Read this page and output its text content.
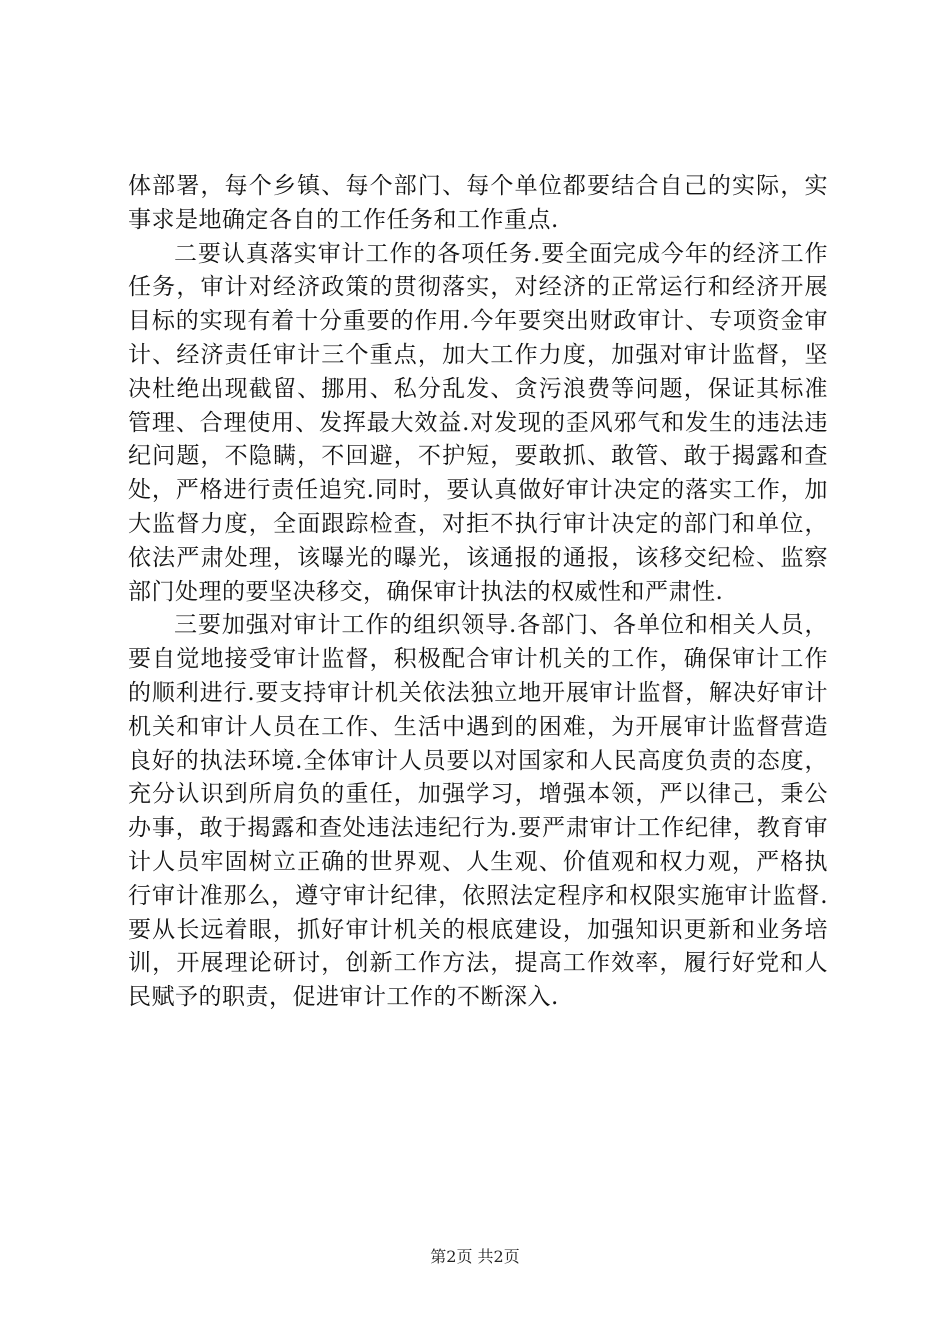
体部署，每个乡镇、每个部门、每个单位都要结合自己的实际，实事求是地确定各自的工作任务和工作重点.

二要认真落实审计工作的各项任务.要全面完成今年的经济工作任务，审计对经济政策的贯彻落实，对经济的正常运行和经济开展目标的实现有着十分重要的作用.今年要突出财政审计、专项资金审计、经济责任审计三个重点，加大工作力度，加强对审计监督，坚决杜绝出现截留、挪用、私分乱发、贪污浪费等问题，保证其标准管理、合理使用、发挥最大效益.对发现的歪风邪气和发生的违法违纪问题，不隐瞒，不回避，不护短，要敢抓、敢管、敢于揭露和查处，严格进行责任追究.同时，要认真做好审计决定的落实工作，加大监督力度，全面跟踪检查，对拒不执行审计决定的部门和单位，依法严肃处理，该曝光的曝光，该通报的通报，该移交纪检、监察部门处理的要坚决移交，确保审计执法的权威性和严肃性.

三要加强对审计工作的组织领导.各部门、各单位和相关人员，要自觉地接受审计监督，积极配合审计机关的工作，确保审计工作的顺利进行.要支持审计机关依法独立地开展审计监督，解决好审计机关和审计人员在工作、生活中遇到的困难，为开展审计监督营造良好的执法环境.全体审计人员要以对国家和人民高度负责的态度，充分认识到所肩负的重任，加强学习，增强本领，严以律己，秉公办事，敢于揭露和查处违法违纪行为.要严肃审计工作纪律，教育审计人员牢固树立正确的世界观、人生观、价值观和权力观，严格执行审计准那么，遵守审计纪律，依照法定程序和权限实施审计监督.要从长远着眼，抓好审计机关的根底建设，加强知识更新和业务培训，开展理论研讨，创新工作方法，提高工作效率，履行好党和人民赋予的职责，促进审计工作的不断深入.

第2页 共2页
